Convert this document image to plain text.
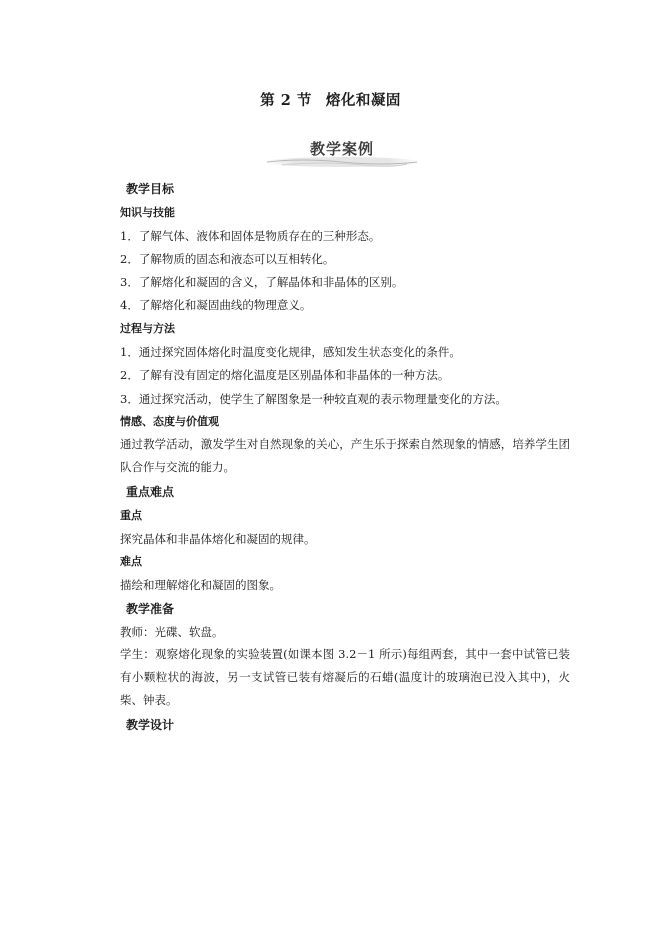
第 2 节 熔化和凝固
教学案例
教学目标
知识与技能
1．了解气体、液体和固体是物质存在的三种形态。
2．了解物质的固态和液态可以互相转化。
3．了解熔化和凝固的含义，了解晶体和非晶体的区别。
4．了解熔化和凝固曲线的物理意义。
过程与方法
1．通过探究固体熔化时温度变化规律，感知发生状态变化的条件。
2．了解有没有固定的熔化温度是区别晶体和非晶体的一种方法。
3．通过探究活动，使学生了解图象是一种较直观的表示物理量变化的方法。
情感、态度与价值观
通过教学活动，激发学生对自然现象的关心，产生乐于探索自然现象的情感，培养学生团队合作与交流的能力。
重点难点
重点
探究晶体和非晶体熔化和凝固的规律。
难点
描绘和理解熔化和凝固的图象。
教学准备
教师：光碟、软盘。
学生：观察熔化现象的实验装置(如课本图 3.2－1 所示)每组两套，其中一套中试管已装有小颗粒状的海波，另一支试管已装有熔凝后的石蜡(温度计的玻璃泡已没入其中)，火柴、钟表。
教学设计
